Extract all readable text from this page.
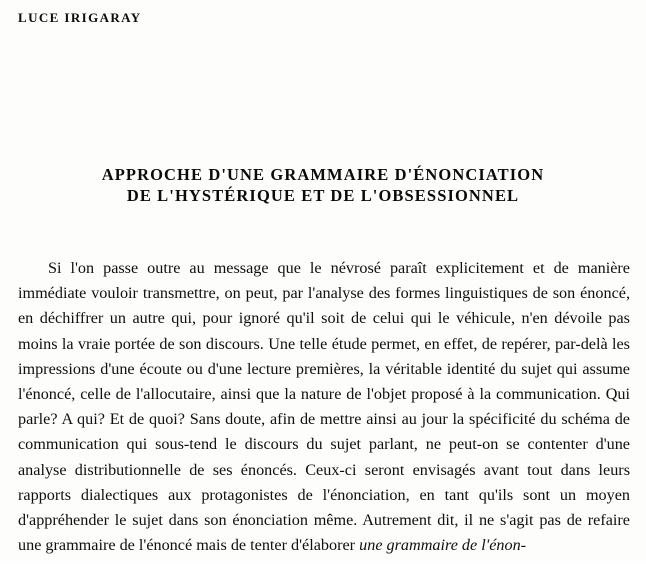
LUCE IRIGARAY
APPROCHE D'UNE GRAMMAIRE D'ÉNONCIATION
DE L'HYSTÉRIQUE ET DE L'OBSESSIONNEL

Si l'on passe outre au message que le névrosé paraît explicitement et de manière immédiate vouloir transmettre, on peut, par l'analyse des formes linguistiques de son énoncé, en déchiffrer un autre qui, pour ignoré qu'il soit de celui qui le véhicule, n'en dévoile pas moins la vraie portée de son discours. Une telle étude permet, en effet, de repérer, par-delà les impressions d'une écoute ou d'une lecture premières, la véritable identité du sujet qui assume l'énoncé, celle de l'allocutaire, ainsi que la nature de l'objet proposé à la communication. Qui parle? A qui? Et de quoi? Sans doute, afin de mettre ainsi au jour la spécificité du schéma de communication qui sous-tend le discours du sujet parlant, ne peut-on se contenter d'une analyse distributionnelle de ses énoncés. Ceux-ci seront envisagés avant tout dans leurs rapports dialectiques aux protagonistes de l'énonciation, en tant qu'ils sont un moyen d'appréhender le sujet dans son énonciation même. Autrement dit, il ne s'agit pas de refaire une grammaire de l'énoncé mais de tenter d'élaborer une grammaire de l'énon-
